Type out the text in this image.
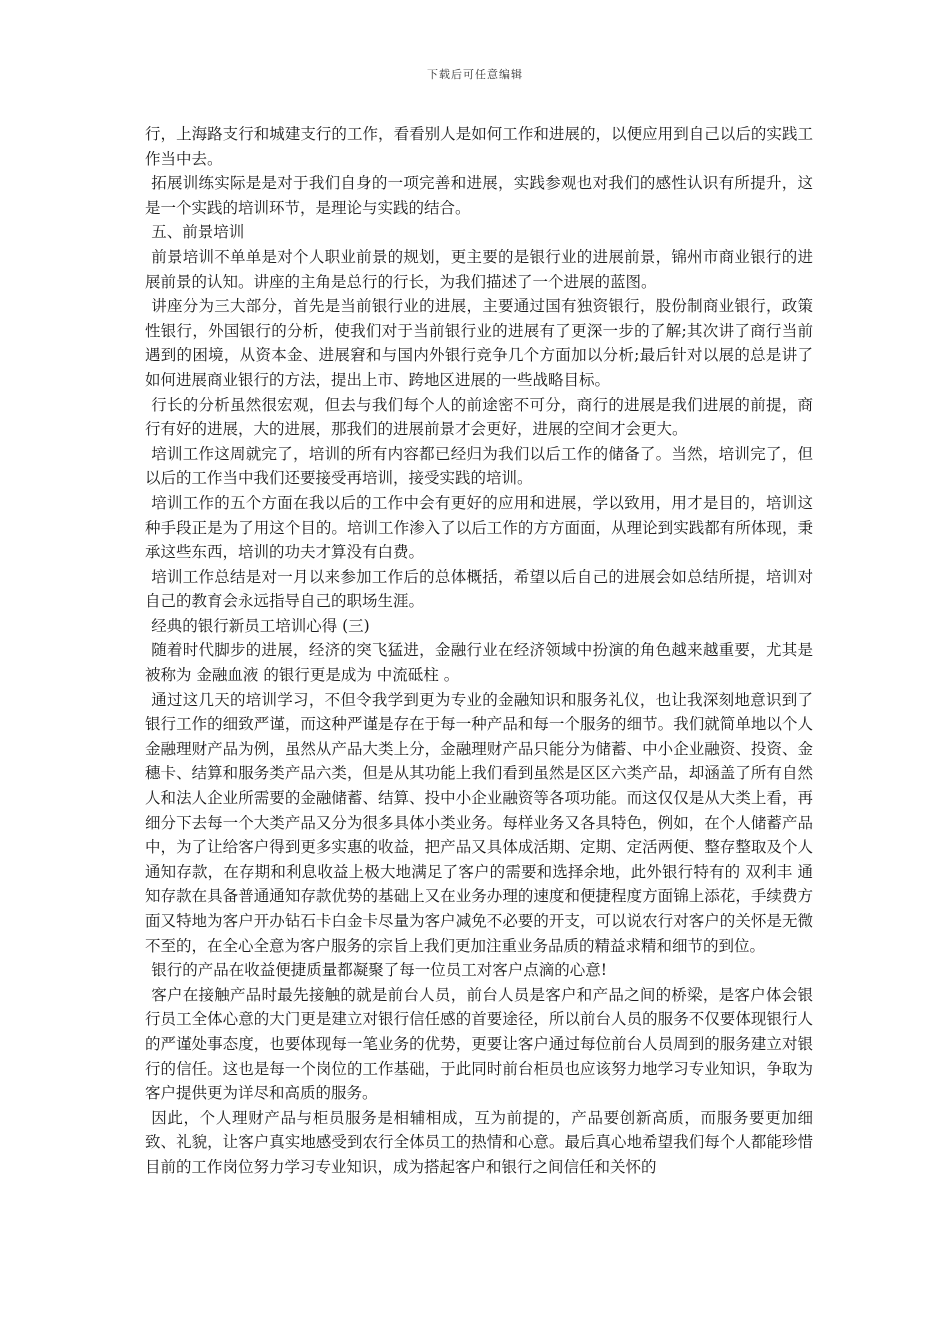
下载后可任意编辑

行，上海路支行和城建支行的工作，看看别人是如何工作和进展的，以便应用到自己以后的实践工作当中去。

拓展训练实际是是对于我们自身的一项完善和进展，实践参观也对我们的感性认识有所提升，这是一个实践的培训环节，是理论与实践的结合。

五、前景培训

前景培训不单单是对个人职业前景的规划，更主要的是银行业的进展前景，锦州市商业银行的进展前景的认知。讲座的主角是总行的行长，为我们描述了一个进展的蓝图。

讲座分为三大部分，首先是当前银行业的进展，主要通过国有独资银行，股份制商业银行，政策性银行，外国银行的分析，使我们对于当前银行业的进展有了更深一步的了解;其次讲了商行当前遇到的困境，从资本金、进展窘和与国内外银行竞争几个方面加以分析;最后针对以展的总是讲了如何进展商业银行的方法，提出上市、跨地区进展的一些战略目标。

行长的分析虽然很宏观，但去与我们每个人的前途密不可分，商行的进展是我们进展的前提，商行有好的进展，大的进展，那我们的进展前景才会更好，进展的空间才会更大。

培训工作这周就完了，培训的所有内容都已经归为我们以后工作的储备了。当然，培训完了，但以后的工作当中我们还要接受再培训，接受实践的培训。

培训工作的五个方面在我以后的工作中会有更好的应用和进展，学以致用，用才是目的，培训这种手段正是为了用这个目的。培训工作渗入了以后工作的方方面面，从理论到实践都有所体现，秉承这些东西，培训的功夫才算没有白费。

培训工作总结是对一月以来参加工作后的总体概括，希望以后自己的进展会如总结所提，培训对自己的教育会永远指导自己的职场生涯。

经典的银行新员工培训心得 (三)

随着时代脚步的进展，经济的突飞猛进，金融行业在经济领域中扮演的角色越来越重要，尤其是被称为 金融血液 的银行更是成为 中流砥柱 。

通过这几天的培训学习，不但令我学到更为专业的金融知识和服务礼仪，也让我深刻地意识到了银行工作的细致严谨，而这种严谨是存在于每一种产品和每一个服务的细节。我们就简单地以个人金融理财产品为例，虽然从产品大类上分，金融理财产品只能分为储蓄、中小企业融资、投资、金穗卡、结算和服务类产品六类，但是从其功能上我们看到虽然是区区六类产品，却涵盖了所有自然人和法人企业所需要的金融储蓄、结算、投中小企业融资等各项功能。而这仅仅是从大类上看，再细分下去每一个大类产品又分为很多具体小类业务。每样业务又各具特色，例如，在个人储蓄产品中，为了让给客户得到更多实惠的收益，把产品又具体成活期、定期、定活两便、整存整取及个人通知存款，在存期和利息收益上极大地满足了客户的需要和选择余地，此外银行特有的 双利丰 通知存款在具备普通通知存款优势的基础上又在业务办理的速度和便捷程度方面锦上添花，手续费方面又特地为客户开办钻石卡白金卡尽量为客户减免不必要的开支，可以说农行对客户的关怀是无微不至的，在全心全意为客户服务的宗旨上我们更加注重业务品质的精益求精和细节的到位。

银行的产品在收益便捷质量都凝聚了每一位员工对客户点滴的心意!

客户在接触产品时最先接触的就是前台人员，前台人员是客户和产品之间的桥梁，是客户体会银行员工全体心意的大门更是建立对银行信任感的首要途径，所以前台人员的服务不仅要体现银行人的严谨处事态度，也要体现每一笔业务的优势，更要让客户通过每位前台人员周到的服务建立对银行的信任。这也是每一个岗位的工作基础，于此同时前台柜员也应该努力地学习专业知识，争取为客户提供更为详尽和高质的服务。

因此，个人理财产品与柜员服务是相辅相成，互为前提的，产品要创新高质，而服务要更加细致、礼貌，让客户真实地感受到农行全体员工的热情和心意。最后真心地希望我们每个人都能珍惜目前的工作岗位努力学习专业知识，成为搭起客户和银行之间信任和关怀的
